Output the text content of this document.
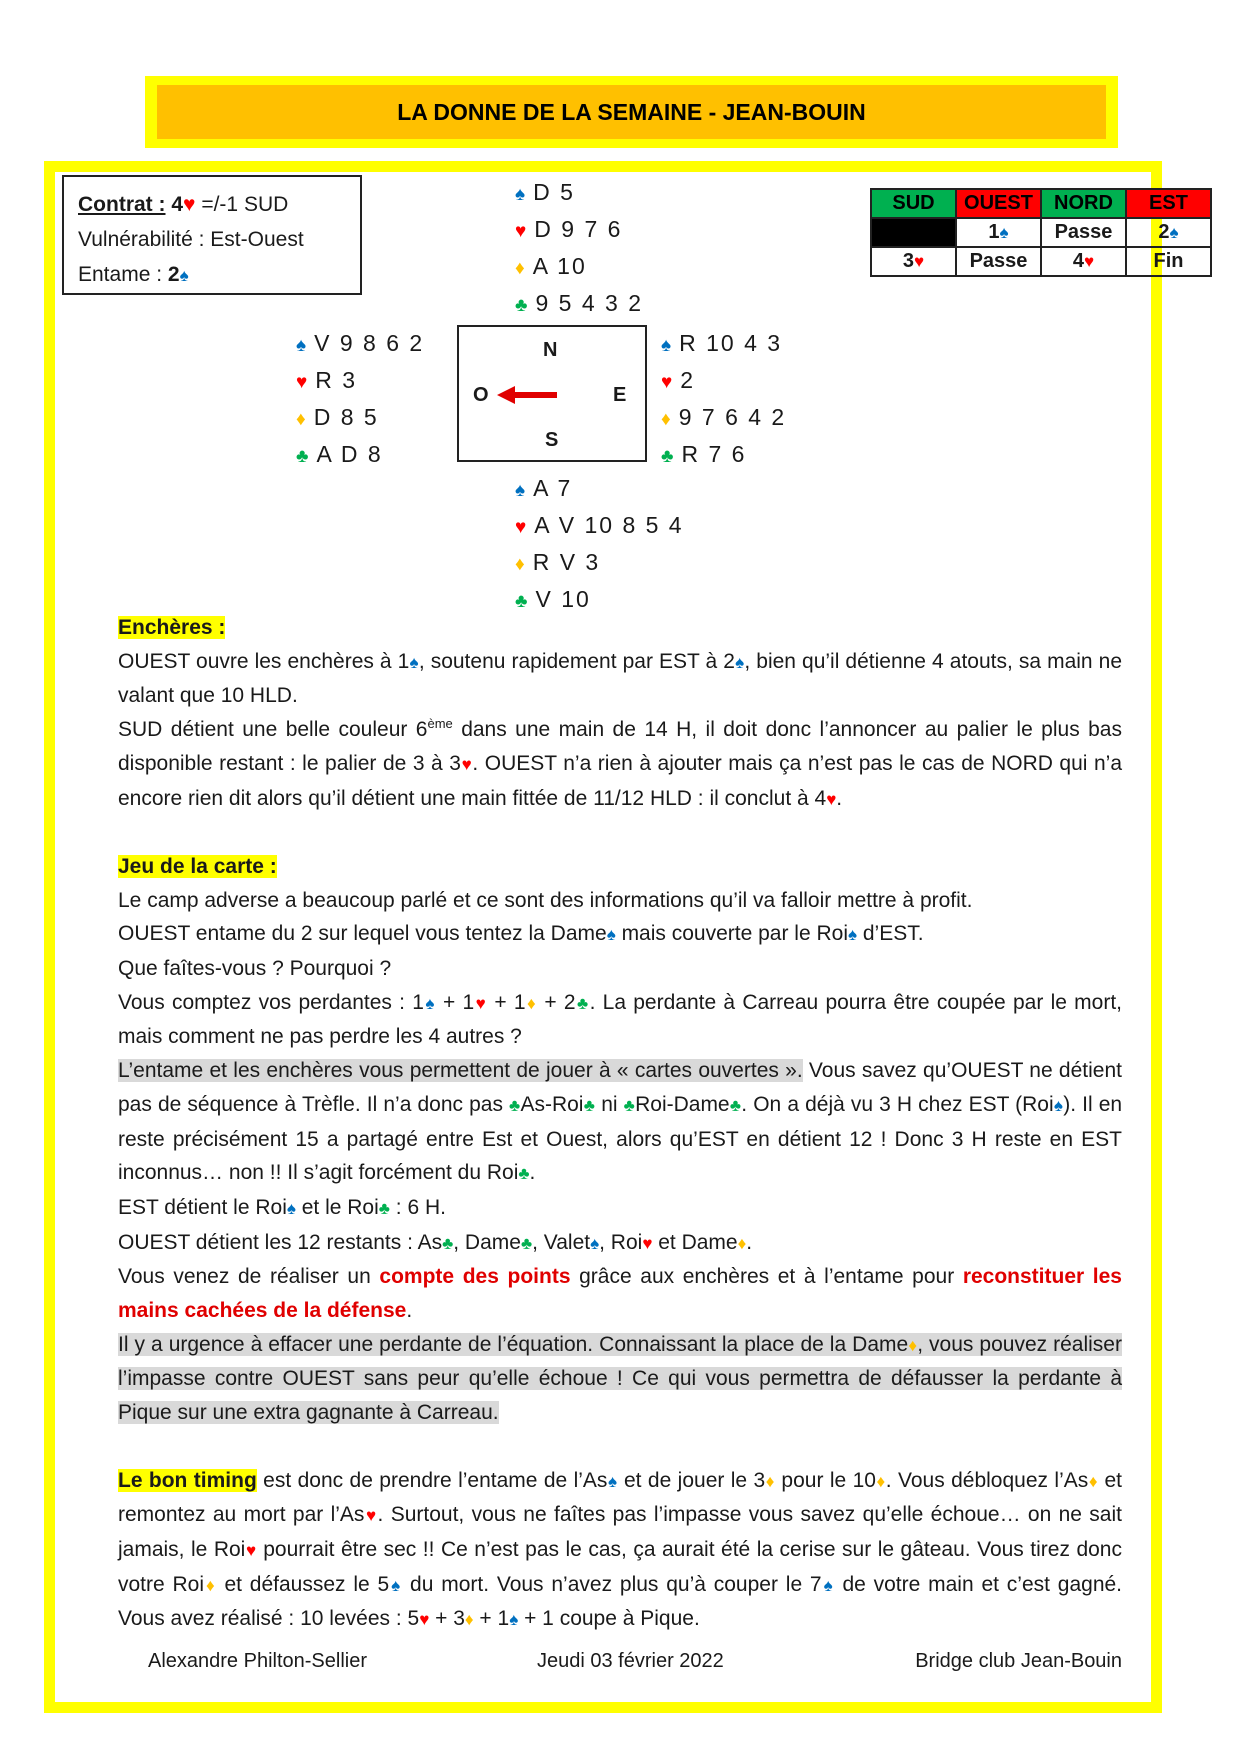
LA DONNE DE LA SEMAINE - JEAN-BOUIN
Contrat : 4♥ =/-1 SUD
Vulnérabilité : Est-Ouest
Entame : 2♠
SUD	OUEST	NORD	EST
	1♠	Passe	2♠
3♥	Passe	4♥	Fin
♠ D 5
♥ D 9 7 6
♦ A 10
♣ 9 5 4 3 2
♠ V 9 8 6 2
♥ R 3
♦ D 8 5
♣ A D 8
N
O	E
S
♠ R 10 4 3
♥ 2
♦ 9 7 6 4 2
♣ R 7 6
♠ A 7
♥ A V 10 8 5 4
♦ R V 3
♣ V 10

Enchères :

OUEST ouvre les enchères à 1♠, soutenu rapidement par EST à 2♠, bien qu’il détienne 4 atouts, sa main ne valant que 10 HLD.

SUD détient une belle couleur 6ème dans une main de 14 H, il doit donc l’annoncer au palier le plus bas disponible restant : le palier de 3 à 3♥. OUEST n’a rien à ajouter mais ça n’est pas le cas de NORD qui n’a encore rien dit alors qu’il détient une main fittée de 11/12 HLD : il conclut à 4♥.

Jeu de la carte :

Le camp adverse a beaucoup parlé et ce sont des informations qu’il va falloir mettre à profit.

OUEST entame du 2 sur lequel vous tentez la Dame♠ mais couverte par le Roi♠ d’EST.

Que faîtes-vous ? Pourquoi ?

Vous comptez vos perdantes : 1♠ + 1♥ + 1♦ + 2♣. La perdante à Carreau pourra être coupée par le mort, mais comment ne pas perdre les 4 autres ?

L’entame et les enchères vous permettent de jouer à « cartes ouvertes ». Vous savez qu’OUEST ne détient pas de séquence à Trèfle. Il n’a donc pas ♣As-Roi♣ ni ♣Roi-Dame♣. On a déjà vu 3 H chez EST (Roi♠). Il en reste précisément 15 a partagé entre Est et Ouest, alors qu’EST en détient 12 ! Donc 3 H reste en EST inconnus… non !! Il s’agit forcément du Roi♣.

EST détient le Roi♠ et le Roi♣ : 6 H.

OUEST détient les 12 restants : As♣, Dame♣, Valet♠, Roi♥ et Dame♦.

Vous venez de réaliser un compte des points grâce aux enchères et à l’entame pour reconstituer les mains cachées de la défense.

Il y a urgence à effacer une perdante de l’équation. Connaissant la place de la Dame♦, vous pouvez réaliser l’impasse contre OUEST sans peur qu’elle échoue ! Ce qui vous permettra de défausser la perdante à Pique sur une extra gagnante à Carreau.

Le bon timing est donc de prendre l’entame de l’As♠ et de jouer le 3♦ pour le 10♦. Vous débloquez l’As♦ et remontez au mort par l’As♥. Surtout, vous ne faîtes pas l’impasse vous savez qu’elle échoue… on ne sait jamais, le Roi♥ pourrait être sec !! Ce n’est pas le cas, ça aurait été la cerise sur le gâteau. Vous tirez donc votre Roi♦ et défaussez le 5♠ du mort. Vous n’avez plus qu’à couper le 7♠ de votre main et c’est gagné. Vous avez réalisé : 10 levées : 5♥ + 3♦ + 1♠ + 1 coupe à Pique.

Alexandre Philton-Sellier	Jeudi 03 février 2022	Bridge club Jean-Bouin
